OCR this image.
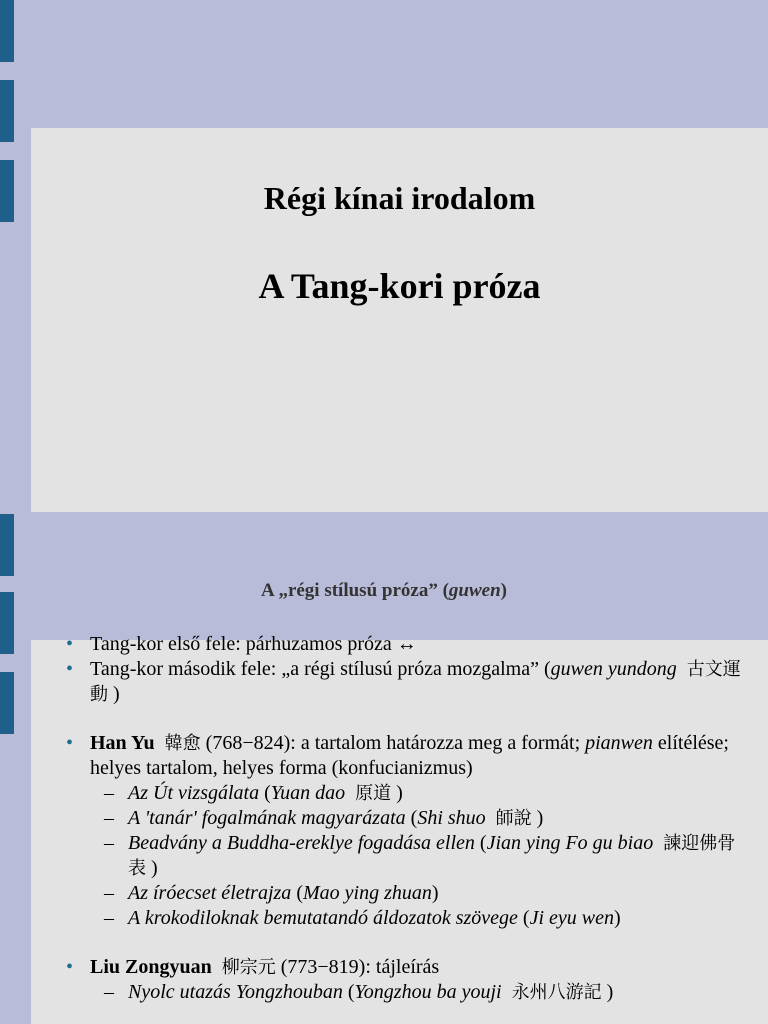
Régi kínai irodalom
A Tang-kori próza
A „régi stílusú próza” (guwen)
• Tang-kor első fele: párhuzamos próza ↔
• Tang-kor második fele: „a régi stílusú próza mozgalma” (guwen yundong 古文運動 )
• Han Yu 韓愈 (768−824): a tartalom határozza meg a formát; pianwen elítélése; helyes tartalom, helyes forma (konfucianizmus)
– Az Út vizsgálata (Yuan dao 原道 )
– A 'tanár' fogalmának magyarázata (Shi shuo 師說 )
– Beadvány a Buddha-ereklye fogadása ellen (Jian ying Fo gu biao 諫迎佛骨表 )
– Az íróecset életrajza (Mao ying zhuan)
– A krokodiloknak bemutatandó áldozatok szövege (Ji eyu wen)
• Liu Zongyuan 柳宗元 (773−819): tájleírás
– Nyolc utazás Yongzhouban (Yongzhou ba youji 永州八游記 )
